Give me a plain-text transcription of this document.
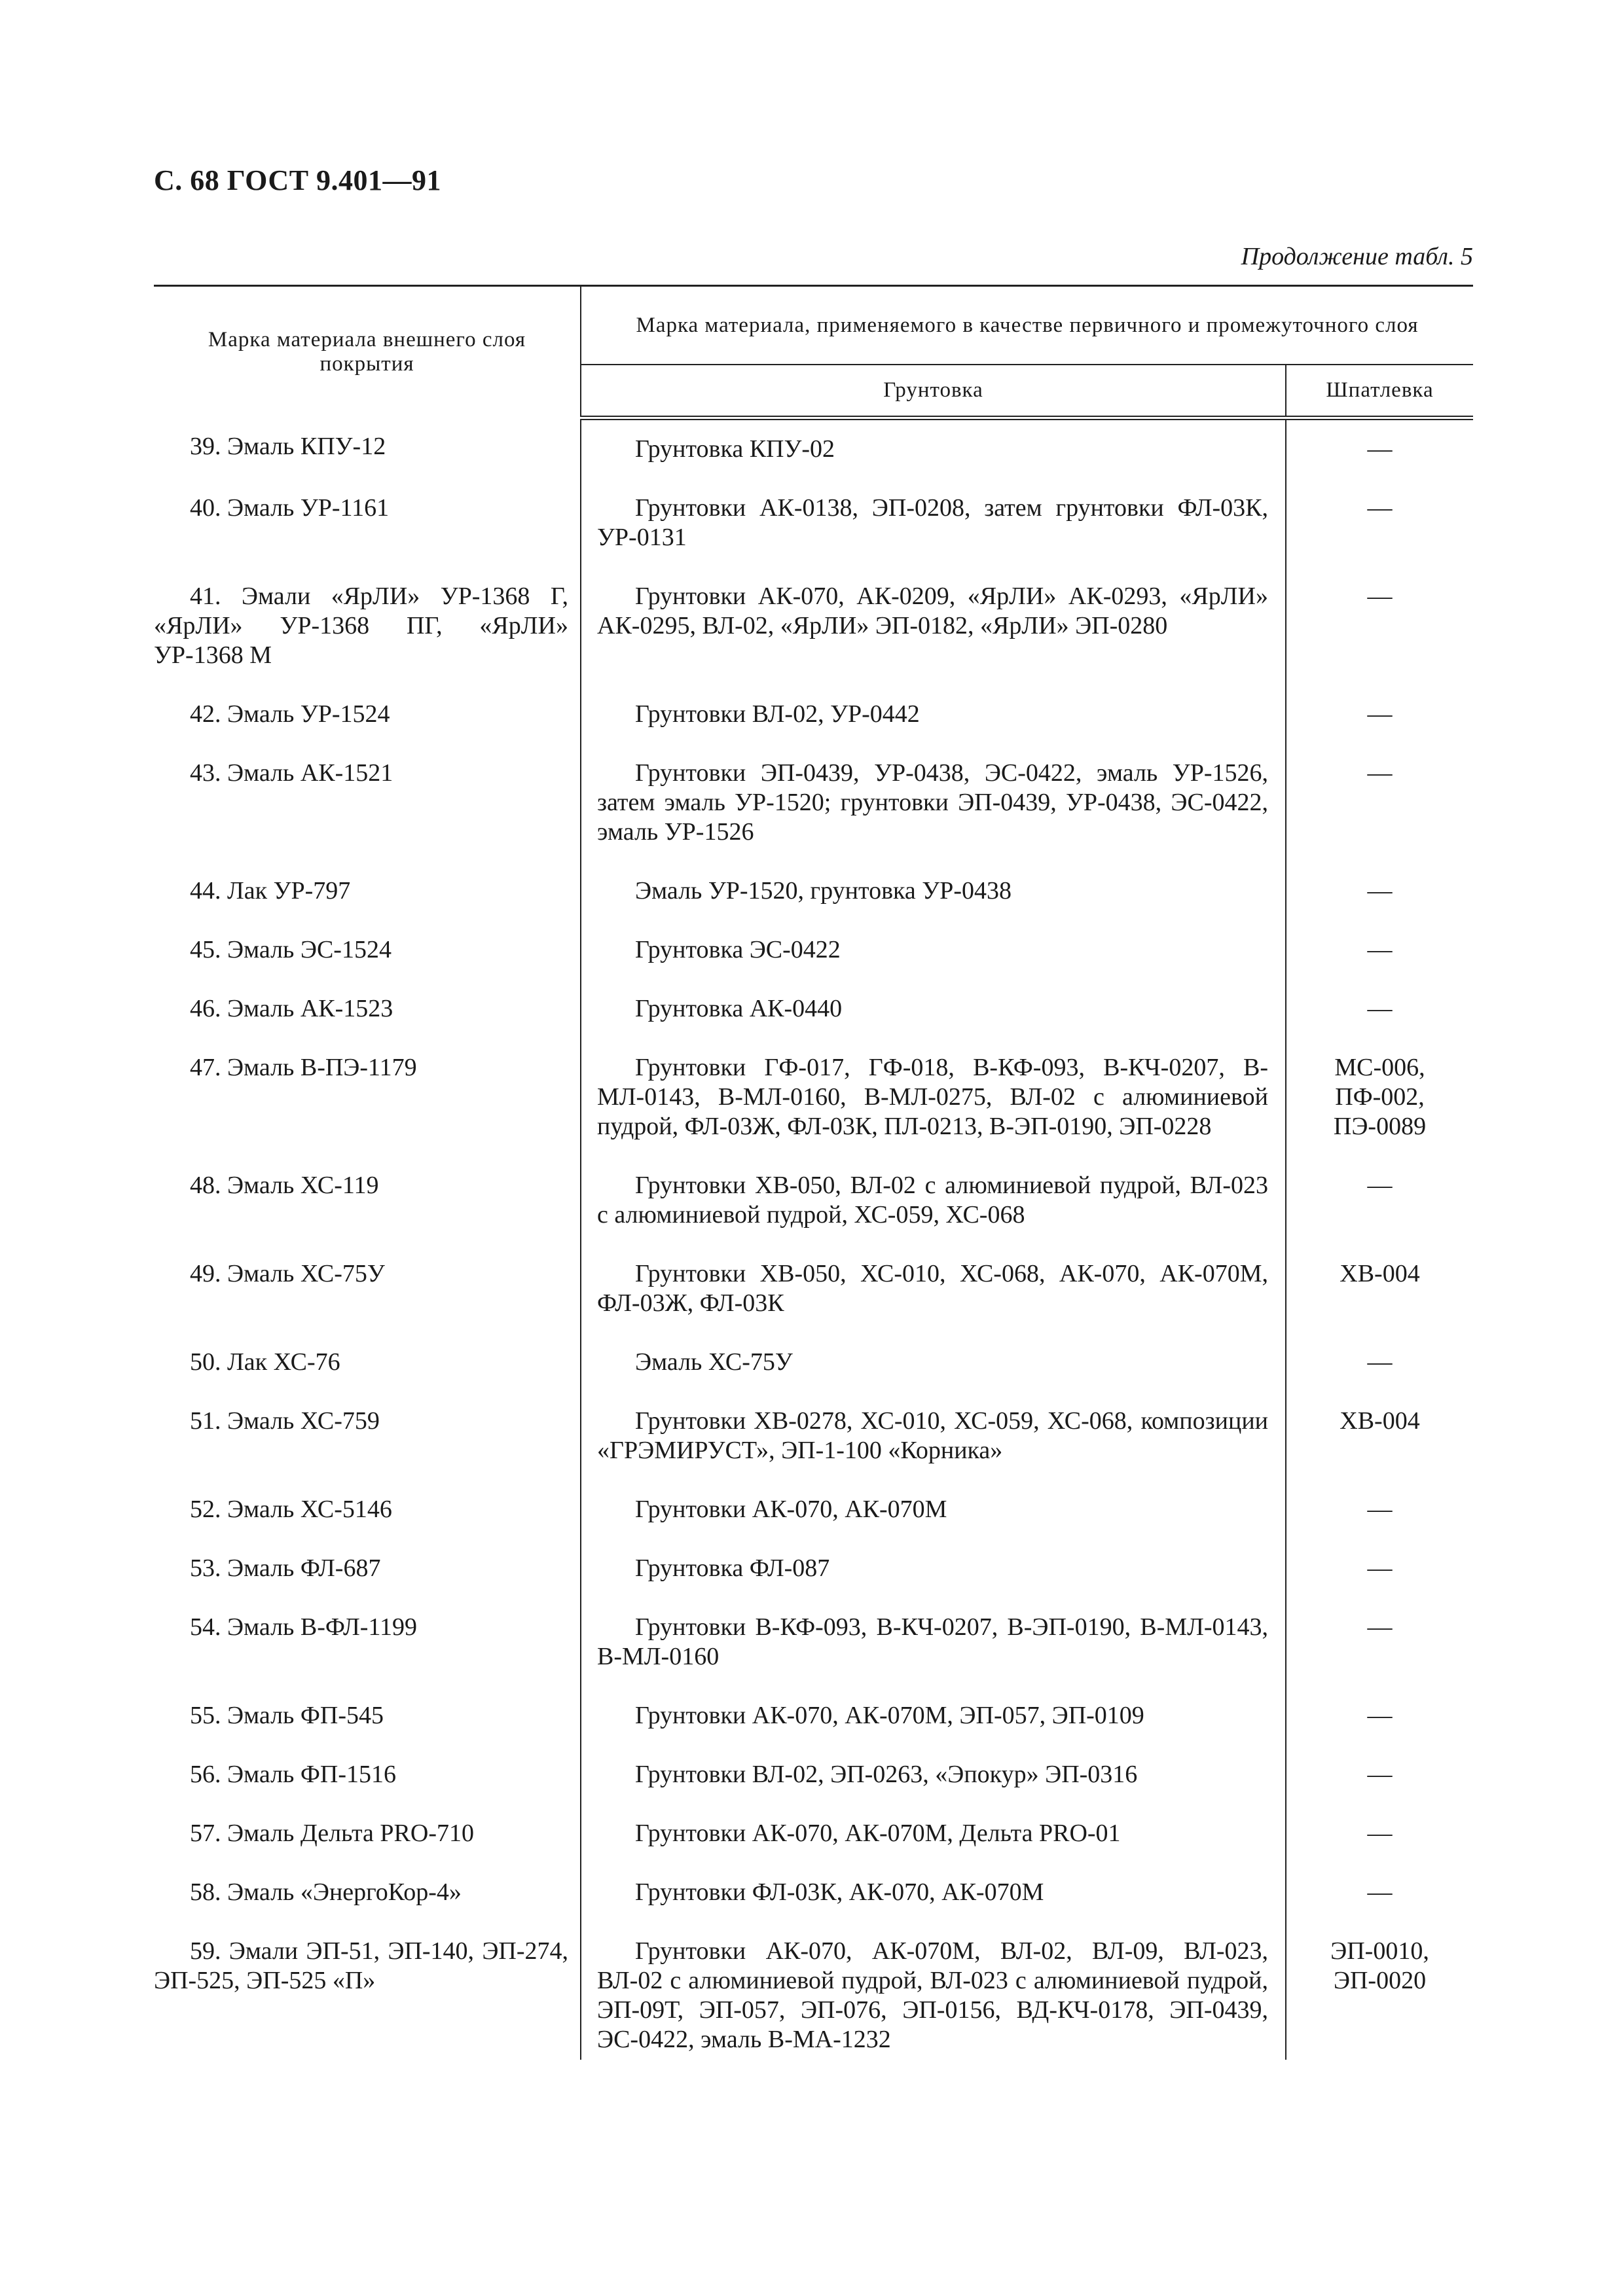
С. 68 ГОСТ 9.401—91
Продолжение табл. 5
Марка материала внешнего слоя покрытия	Марка материала, применяемого в качестве первичного и промежуточного слоя	
	Грунтовка	Шпатлевка

39. Эмаль КПУ-12	Грунтовка КПУ-02	—

40. Эмаль УР-1161	Грунтовки АК-0138, ЭП-0208, затем грунтовки ФЛ-03К, УР-0131	—

41. Эмали «ЯрЛИ» УР-1368 Г, «ЯрЛИ» УР-1368 ПГ, «ЯрЛИ» УР-1368 М	Грунтовки АК-070, АК-0209, «ЯрЛИ» АК-0293, «ЯрЛИ» АК-0295, ВЛ-02, «ЯрЛИ» ЭП-0182, «ЯрЛИ» ЭП-0280	—

42. Эмаль УР-1524	Грунтовки ВЛ-02, УР-0442	—

43. Эмаль АК-1521	Грунтовки ЭП-0439, УР-0438, ЭС-0422, эмаль УР-1526, затем эмаль УР-1520; грунтовки ЭП-0439, УР-0438, ЭС-0422, эмаль УР-1526	—

44. Лак УР-797	Эмаль УР-1520, грунтовка УР-0438	—

45. Эмаль ЭС-1524	Грунтовка ЭС-0422	—

46. Эмаль АК-1523	Грунтовка АК-0440	—

47. Эмаль В-ПЭ-1179	Грунтовки ГФ-017, ГФ-018, В-КФ-093, В-КЧ-0207, В-МЛ-0143, В-МЛ-0160, В-МЛ-0275, ВЛ-02 с алюминиевой пудрой, ФЛ-03Ж, ФЛ-03К, ПЛ-0213, В-ЭП-0190, ЭП-0228	МС-006, ПФ-002, ПЭ-0089

48. Эмаль ХС-119	Грунтовки ХВ-050, ВЛ-02 с алюминиевой пудрой, ВЛ-023 с алюминиевой пудрой, ХС-059, ХС-068	—

49. Эмаль ХС-75У	Грунтовки ХВ-050, ХС-010, ХС-068, АК-070, АК-070М, ФЛ-03Ж, ФЛ-03К	ХВ-004

50. Лак ХС-76	Эмаль ХС-75У	—

51. Эмаль ХС-759	Грунтовки ХВ-0278, ХС-010, ХС-059, ХС-068, композиции «ГРЭМИРУСТ», ЭП-1-100 «Корника»	ХВ-004

52. Эмаль ХС-5146	Грунтовки АК-070, АК-070М	—

53. Эмаль ФЛ-687	Грунтовка ФЛ-087	—

54. Эмаль В-ФЛ-1199	Грунтовки В-КФ-093, В-КЧ-0207, В-ЭП-0190, В-МЛ-0143, В-МЛ-0160	—

55. Эмаль ФП-545	Грунтовки АК-070, АК-070М, ЭП-057, ЭП-0109	—

56. Эмаль ФП-1516	Грунтовки ВЛ-02, ЭП-0263, «Эпокур» ЭП-0316	—

57. Эмаль Дельта PRO-710	Грунтовки АК-070, АК-070М, Дельта PRO-01	—

58. Эмаль «ЭнергоКор-4»	Грунтовки ФЛ-03К, АК-070, АК-070М	—

59. Эмали ЭП-51, ЭП-140, ЭП-274, ЭП-525, ЭП-525 «П»	Грунтовки АК-070, АК-070М, ВЛ-02, ВЛ-09, ВЛ-023, ВЛ-02 с алюминиевой пудрой, ВЛ-023 с алюминиевой пудрой, ЭП-09Т, ЭП-057, ЭП-076, ЭП-0156, ВД-КЧ-0178, ЭП-0439, ЭС-0422, эмаль В-МА-1232	ЭП-0010, ЭП-0020
